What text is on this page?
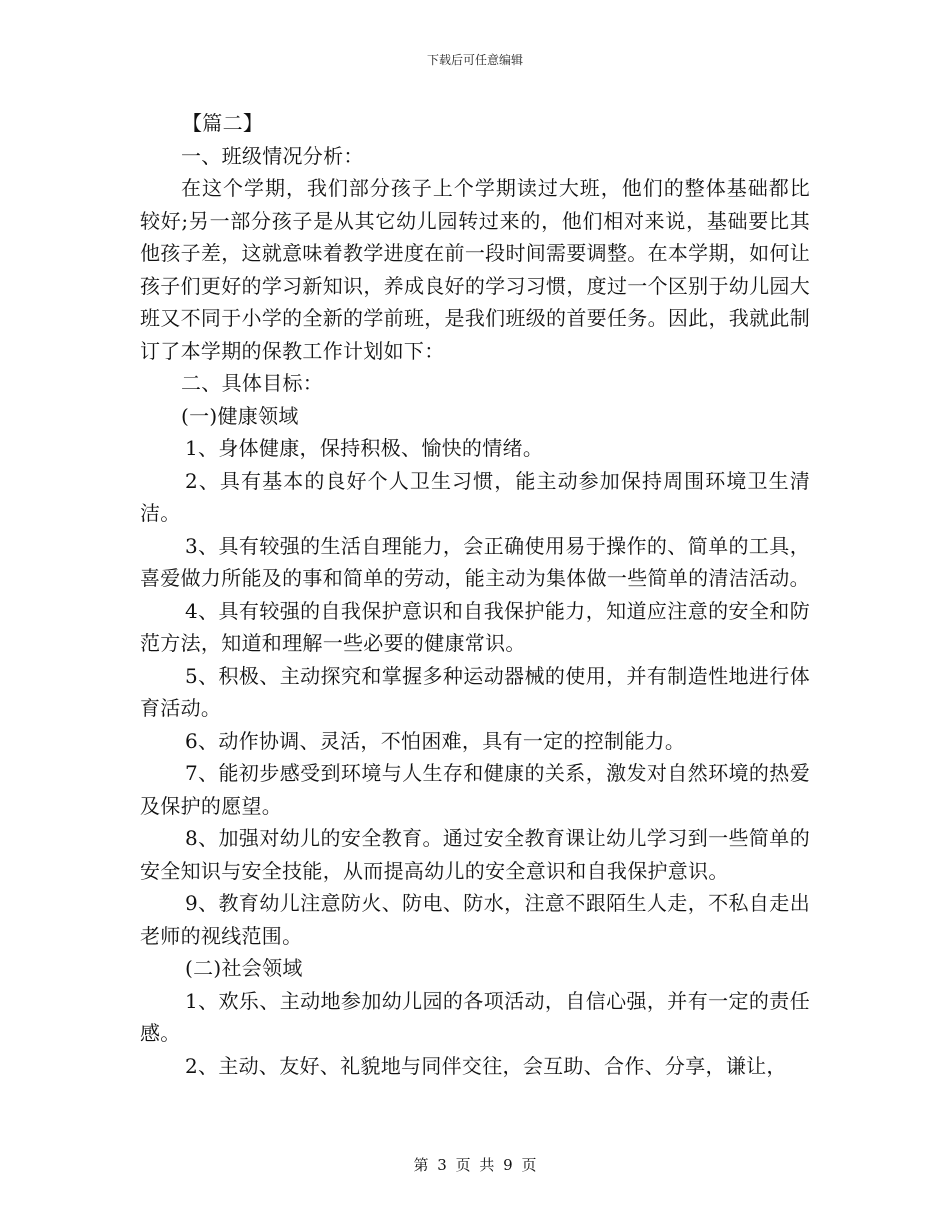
下载后可任意编辑

【篇二】

一、班级情况分析：

在这个学期，我们部分孩子上个学期读过大班，他们的整体基础都比较好;另一部分孩子是从其它幼儿园转过来的，他们相对来说，基础要比其他孩子差，这就意味着教学进度在前一段时间需要调整。在本学期，如何让孩子们更好的学习新知识，养成良好的学习习惯，度过一个区别于幼儿园大班又不同于小学的全新的学前班，是我们班级的首要任务。因此，我就此制订了本学期的保教工作计划如下：

二、具体目标：

(一)健康领域

1、身体健康，保持积极、愉快的情绪。

2、具有基本的良好个人卫生习惯，能主动参加保持周围环境卫生清洁。

3、具有较强的生活自理能力，会正确使用易于操作的、简单的工具，喜爱做力所能及的事和简单的劳动，能主动为集体做一些简单的清洁活动。

4、具有较强的自我保护意识和自我保护能力，知道应注意的安全和防范方法，知道和理解一些必要的健康常识。

5、积极、主动探究和掌握多种运动器械的使用，并有制造性地进行体育活动。

6、动作协调、灵活，不怕困难，具有一定的控制能力。

7、能初步感受到环境与人生存和健康的关系，激发对自然环境的热爱及保护的愿望。

8、加强对幼儿的安全教育。通过安全教育课让幼儿学习到一些简单的安全知识与安全技能，从而提高幼儿的安全意识和自我保护意识。

9、教育幼儿注意防火、防电、防水，注意不跟陌生人走，不私自走出老师的视线范围。

(二)社会领域

1、欢乐、主动地参加幼儿园的各项活动，自信心强，并有一定的责任感。

2、主动、友好、礼貌地与同伴交往，会互助、合作、分享，谦让，

第 3 页 共 9 页
